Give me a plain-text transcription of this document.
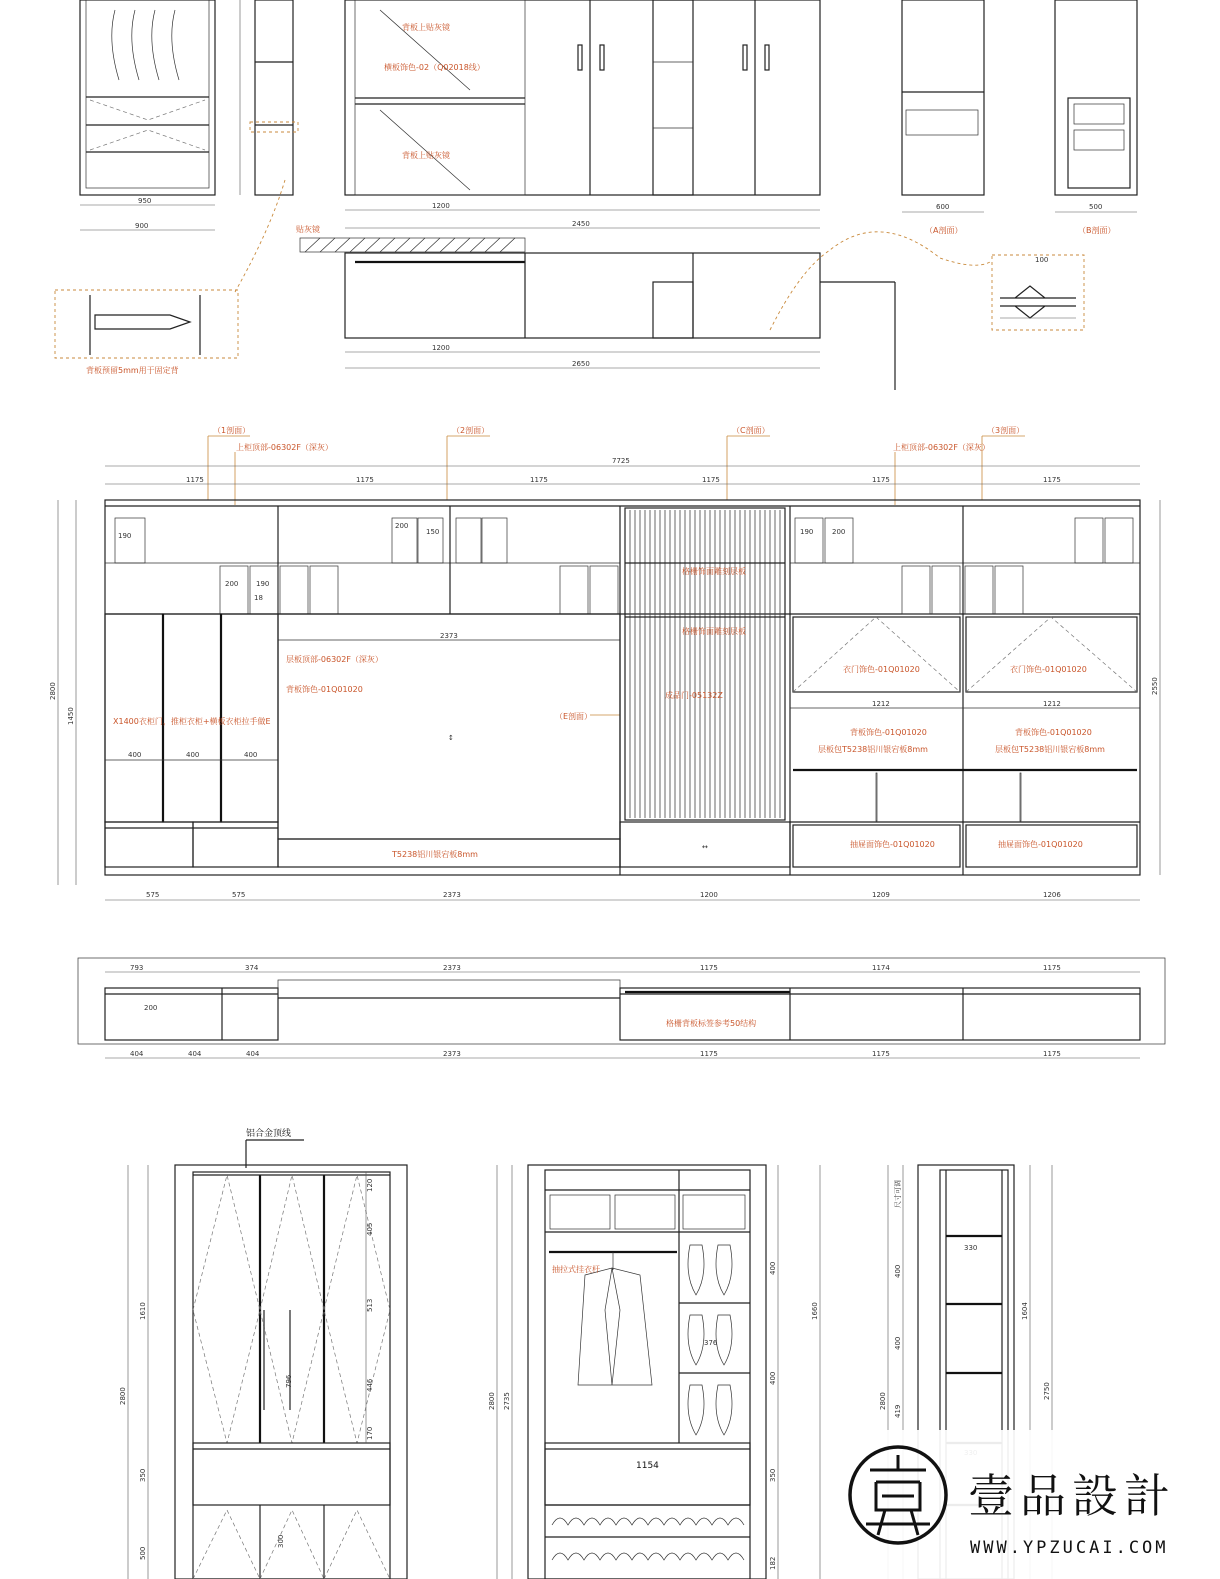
950
900
背板预留5mm用于固定背
背板上贴灰镜
横板饰色-02（Q02018线）
背板上贴灰镜
1200
2450
贴灰镜
1200
2650
600
（A剖面）
500
（B剖面）
100
（1剖面）	（2剖面）	（C剖面）	（3剖面）
（E剖面）
上柜顶部-06302F（深灰）	上柜顶部-06302F（深灰）
7725
1175	1175	1175	1175	1175	1175
2800
1450
2550
200
150
200	190
18
190	190	200
400	400	400
X1400衣柜门，推柜衣柜+横板衣柜拉手做E
2373
层板顶部-06302F（深灰）
背板饰色-01Q01020
T5238铝川银宕板8mm
↕
格栅饰面雕刻层板
格栅饰面雕刻层板
成品门-05132Z
↔
衣门饰色-01Q01020	衣门饰色-01Q01020
1212	1212
背板饰色-01Q01020	背板饰色-01Q01020
层板包T5238铝川银宕板8mm	层板包T5238铝川银宕板8mm
抽屉面饰色-01Q01020	抽屉面饰色-01Q01020
575	575	2373	1200	1209	1206
793	374	2373	1175	1174	1175
格栅背板标签参考50结构
200
404	404	404	2373	1175	1175	1175
铝合金顶线
1610
2800
350
500
120
405
513
446
170
796
300
抽拉式挂衣杆
376
1154
2800 2735
400
400
350
182
1660
330
2800
尺寸可调
400
400
419
1604
2750
壹品設計
WWW.YPZUCAI.COM
